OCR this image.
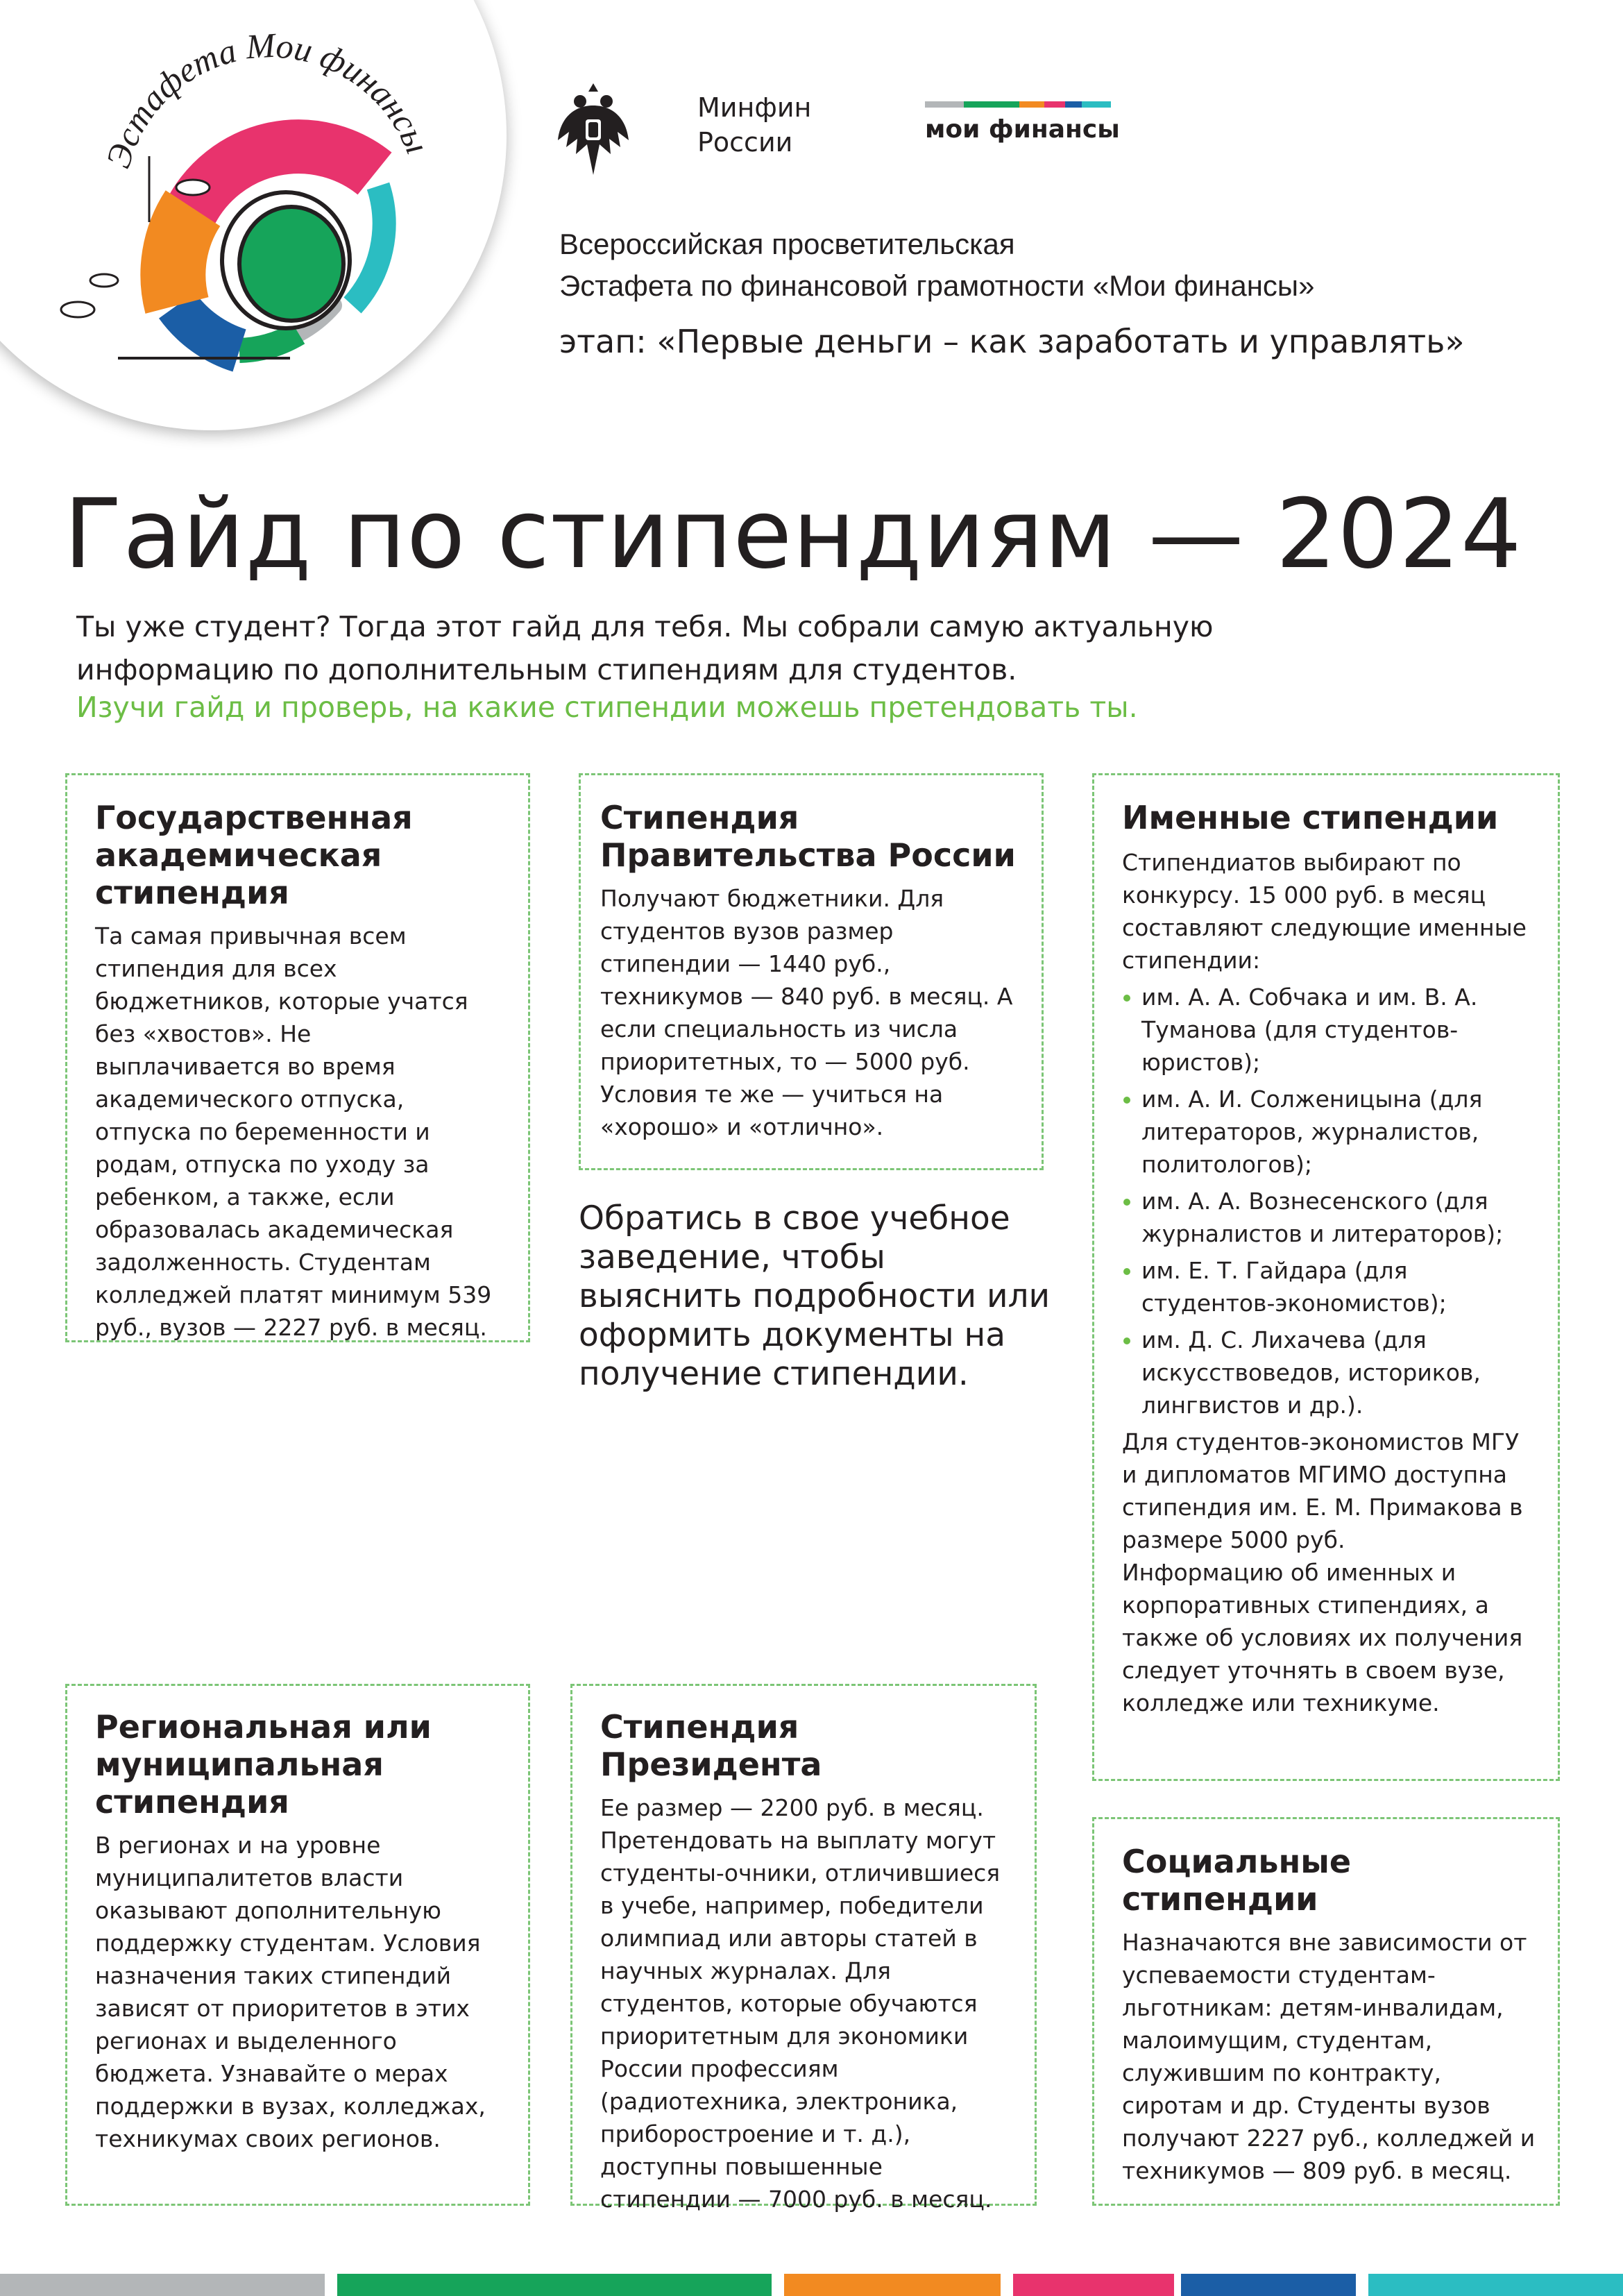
Эстафета Мои финансы
Минфин
России	мои финансы
Всероссийская просветительская
Эстафета по финансовой грамотности «Мои финансы»
этап: «Первые деньги – как заработать и управлять»
Гайд по стипендиям — 2024
Ты уже студент? Тогда этот гайд для тебя. Мы собрали самую актуальную
информацию по дополнительным стипендиям для студентов.
Изучи гайд и проверь, на какие стипендии можешь претендовать ты.
Государственная академическая стипендия

Та самая привычная всем стипендия для всех бюджетников, которые учатся без «хвостов». Не выплачивается во время академического отпуска, отпуска по беременности и родам, отпуска по уходу за ребенком, а также, если образовалась академическая задолженность. Студентам колледжей платят минимум 539 руб., вузов — 2227 руб. в месяц.

Стипендия Правительства России

Получают бюджетники. Для студентов вузов размер стипендии — 1440 руб., техникумов — 840 руб. в месяц. А если специальность из числа приоритетных, то — 5000 руб. Условия те же — учиться на «хорошо» и «отлично».

Обратись в свое учебное заведение, чтобы выяснить подробности или оформить документы на получение стипендии.
Именные стипендии

Стипендиатов выбирают по конкурсу. 15 000 руб. в месяц составляют следующие именные стипендии:

им. А. А. Собчака и им. В. А. Туманова (для студентов-юристов);

им. А. И. Солженицына (для литераторов, журналистов, политологов);

им. А. А. Вознесенского (для журналистов и литераторов);

им. Е. Т. Гайдара (для студентов-экономистов);

им. Д. С. Лихачева (для искусствоведов, историков, лингвистов и др.).

Для студентов-экономистов МГУ и дипломатов МГИМО доступна стипендия им. Е. М. Примакова в размере 5000 руб.

Информацию об именных и корпоративных стипендиях, а также об условиях их получения следует уточнять в своем вузе, колледже или техникуме.

Региональная или муниципальная стипендия

В регионах и на уровне муниципалитетов власти оказывают дополнительную поддержку студентам. Условия назначения таких стипендий зависят от приоритетов в этих регионах и выделенного бюджета. Узнавайте о мерах поддержки в вузах, колледжах, техникумах своих регионов.

Стипендия Президента

Ее размер — 2200 руб. в месяц. Претендовать на выплату могут студенты-очники, отличившиеся в учебе, например, победители олимпиад или авторы статей в научных журналах. Для студентов, которые обучаются приоритетным для экономики России профессиям (радиотехника, электроника, приборостроение и т. д.), доступны повышенные стипендии — 7000 руб. в месяц.

Социальные стипендии

Назначаются вне зависимости от успеваемости студентам-льготникам: детям-инвалидам, малоимущим, студентам, служившим по контракту, сиротам и др. Студенты вузов получают 2227 руб., колледжей и техникумов — 809 руб. в месяц.
